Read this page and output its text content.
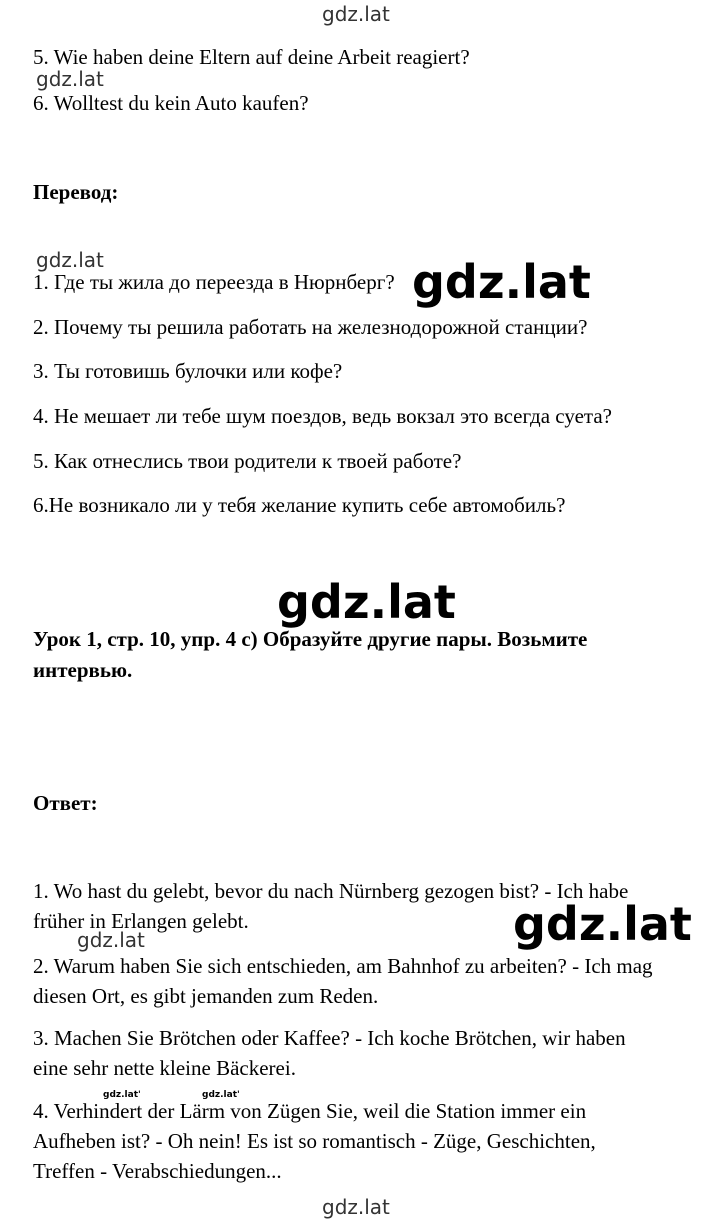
5. Wie haben deine Eltern auf deine Arbeit reagiert?
6. Wolltest du kein Auto kaufen?
Перевод:
1. Где ты жила до переезда в Нюрнберг?
2. Почему ты решила работать на железнодорожной станции?
3. Ты готовишь булочки или кофе?
4. Не мешает ли тебе шум поездов, ведь вокзал это всегда суета?
5. Как отнеслись твои родители к твоей работе?
6.Не возникало ли у тебя желание купить себе автомобиль?
Урок 1, стр. 10, упр. 4 с) Образуйте другие пары. Возьмите
интервью.
Ответ:
1. Wo hast du gelebt, bevor du nach Nürnberg gezogen bist? - Ich habe
früher in Erlangen gelebt.
2. Warum haben Sie sich entschieden, am Bahnhof zu arbeiten? - Ich mag
diesen Ort, es gibt jemanden zum Reden.
3. Machen Sie Brötchen oder Kaffee? - Ich koche Brötchen, wir haben
eine sehr nette kleine Bäckerei.
4. Verhindert der Lärm von Zügen Sie, weil die Station immer ein
Aufheben ist? - Oh nein! Es ist so romantisch - Züge, Geschichten,
Treffen - Verabschiedungen...
gdz.lat
gdz.lat
gdz.lat	gdz.lat
gdz.lat
gdz.lat
gdz.lat
gdz.lat'	gdz.lat'
gdz.lat
